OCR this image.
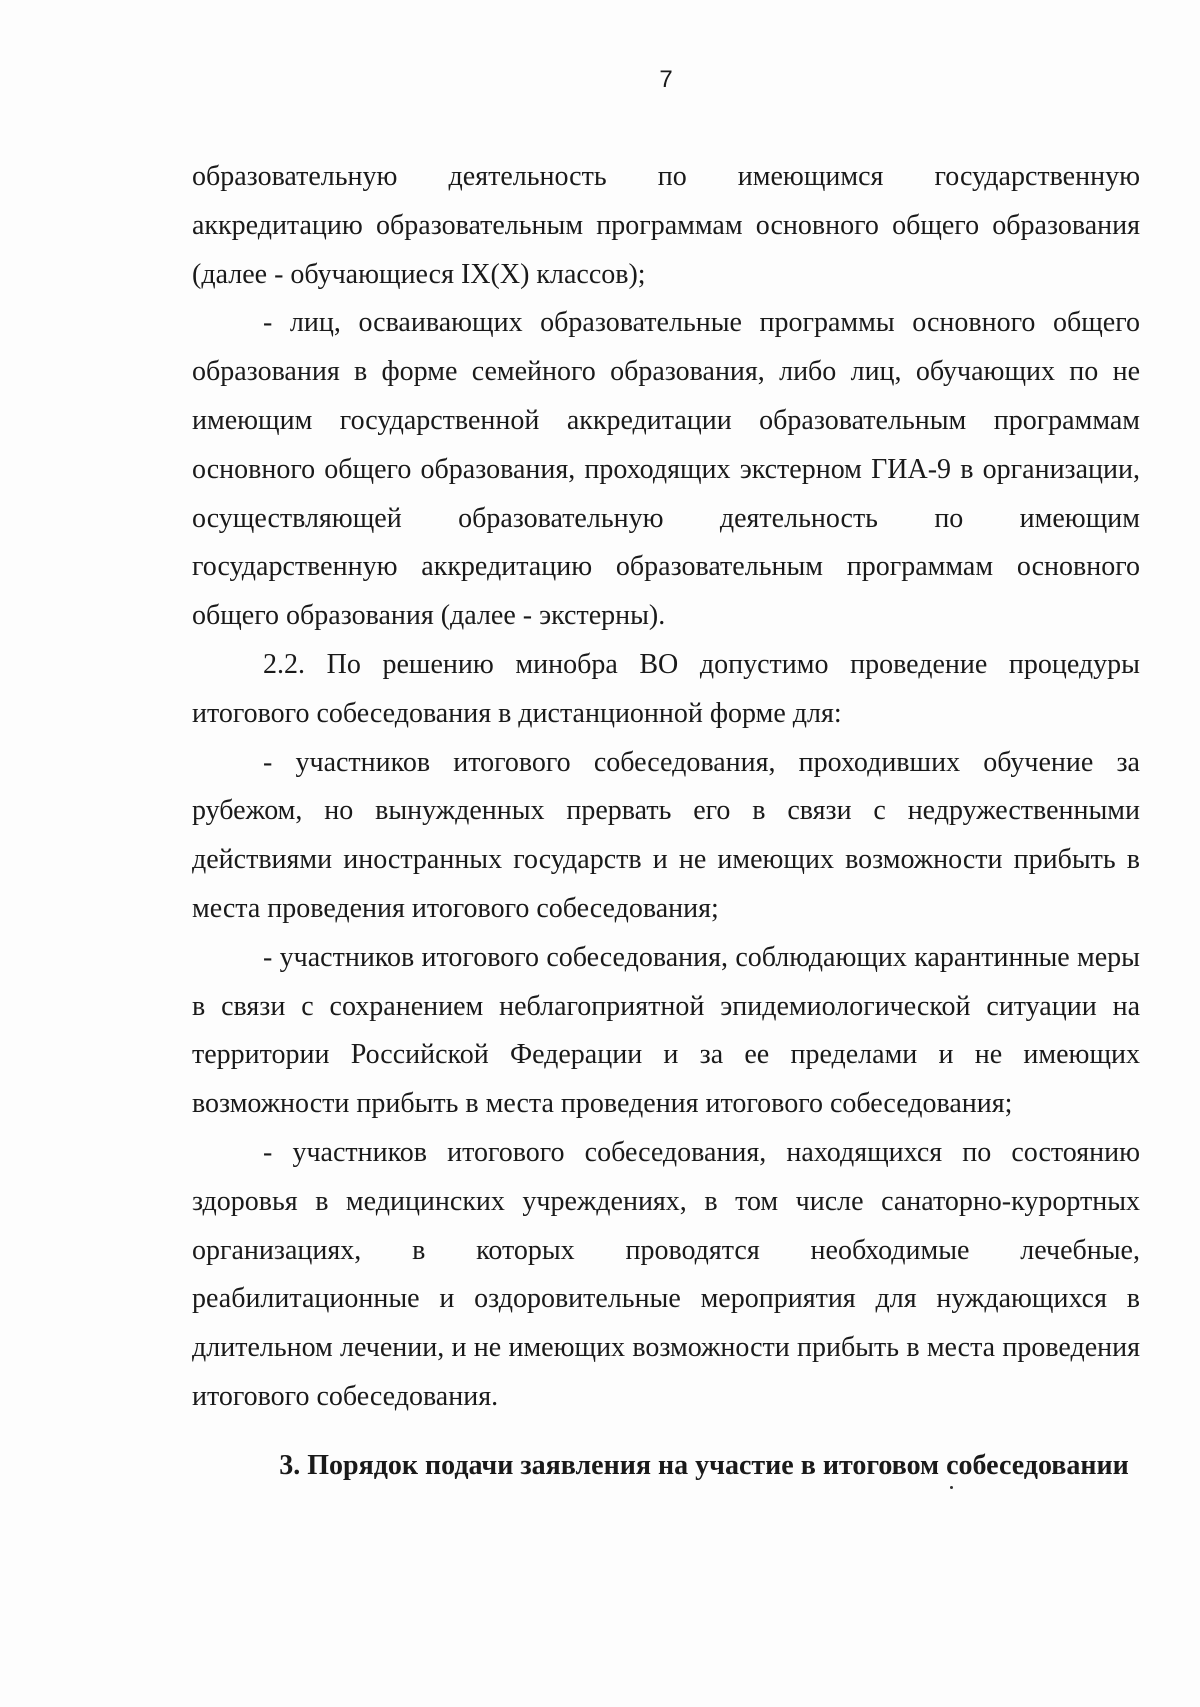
7

образовательную деятельность по имеющимся государственную аккредитацию образовательным программам основного общего образования (далее - обучающиеся IX(X) классов);

- лиц, осваивающих образовательные программы основного общего образования в форме семейного образования, либо лиц, обучающих по не имеющим государственной аккредитации образовательным программам основного общего образования, проходящих экстерном ГИА-9 в организации, осуществляющей образовательную деятельность по имеющим государственную аккредитацию образовательным программам основного общего образования (далее - экстерны).

2.2. По решению минобра ВО допустимо проведение процедуры итогового собеседования в дистанционной форме для:

- участников итогового собеседования, проходивших обучение за рубежом, но вынужденных прервать его в связи с недружественными действиями иностранных государств и не имеющих возможности прибыть в места проведения итогового собеседования;

- участников итогового собеседования, соблюдающих карантинные меры в связи с сохранением неблагоприятной эпидемиологической ситуации на территории Российской Федерации и за ее пределами и не имеющих возможности прибыть в места проведения итогового собеседования;

- участников итогового собеседования, находящихся по состоянию здоровья в медицинских учреждениях, в том числе санаторно-курортных организациях, в которых проводятся необходимые лечебные, реабилитационные и оздоровительные мероприятия для нуждающихся в длительном лечении, и не имеющих возможности прибыть в места проведения итогового собеседования.

3. Порядок подачи заявления на участие в итоговом собеседовании
